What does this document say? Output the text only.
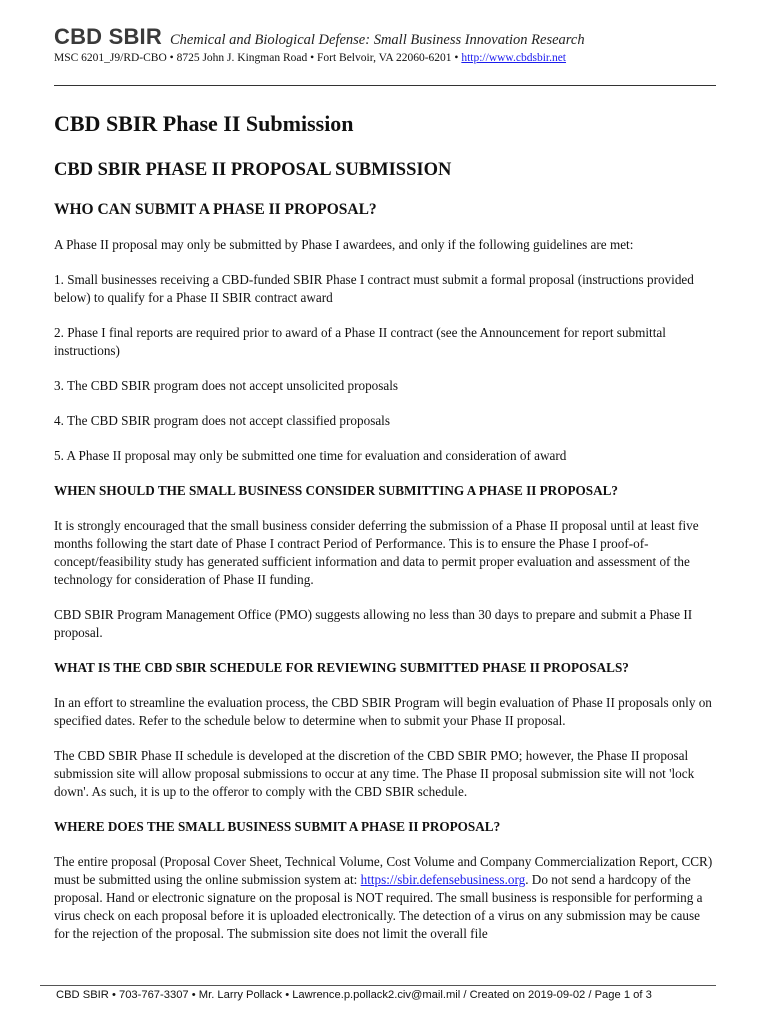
CBD SBIR Chemical and Biological Defense: Small Business Innovation Research
MSC 6201_J9/RD-CBO • 8725 John J. Kingman Road • Fort Belvoir, VA 22060-6201 • http://www.cbdsbir.net
CBD SBIR Phase II Submission
CBD SBIR PHASE II PROPOSAL SUBMISSION
WHO CAN SUBMIT A PHASE II PROPOSAL?

A Phase II proposal may only be submitted by Phase I awardees, and only if the following guidelines are met:

1. Small businesses receiving a CBD-funded SBIR Phase I contract must submit a formal proposal (instructions provided below) to qualify for a Phase II SBIR contract award

2. Phase I final reports are required prior to award of a Phase II contract (see the Announcement for report submittal instructions)

3. The CBD SBIR program does not accept unsolicited proposals

4. The CBD SBIR program does not accept classified proposals

5. A Phase II proposal may only be submitted one time for evaluation and consideration of award

WHEN SHOULD THE SMALL BUSINESS CONSIDER SUBMITTING A PHASE II PROPOSAL?

It is strongly encouraged that the small business consider deferring the submission of a Phase II proposal until at least five months following the start date of Phase I contract Period of Performance. This is to ensure the Phase I proof-of-concept/feasibility study has generated sufficient information and data to permit proper evaluation and assessment of the technology for consideration of Phase II funding.

CBD SBIR Program Management Office (PMO) suggests allowing no less than 30 days to prepare and submit a Phase II proposal.

WHAT IS THE CBD SBIR SCHEDULE FOR REVIEWING SUBMITTED PHASE II PROPOSALS?

In an effort to streamline the evaluation process, the CBD SBIR Program will begin evaluation of Phase II proposals only on specified dates. Refer to the schedule below to determine when to submit your Phase II proposal.

The CBD SBIR Phase II schedule is developed at the discretion of the CBD SBIR PMO; however, the Phase II proposal submission site will allow proposal submissions to occur at any time. The Phase II proposal submission site will not 'lock down'. As such, it is up to the offeror to comply with the CBD SBIR schedule.

WHERE DOES THE SMALL BUSINESS SUBMIT A PHASE II PROPOSAL?

The entire proposal (Proposal Cover Sheet, Technical Volume, Cost Volume and Company Commercialization Report, CCR) must be submitted using the online submission system at: https://sbir.defensebusiness.org. Do not send a hardcopy of the proposal. Hand or electronic signature on the proposal is NOT required. The small business is responsible for performing a virus check on each proposal before it is uploaded electronically. The detection of a virus on any submission may be cause for the rejection of the proposal. The submission site does not limit the overall file

CBD SBIR • 703-767-3307 • Mr. Larry Pollack • Lawrence.p.pollack2.civ@mail.mil / Created on 2019-09-02 / Page 1 of 3
